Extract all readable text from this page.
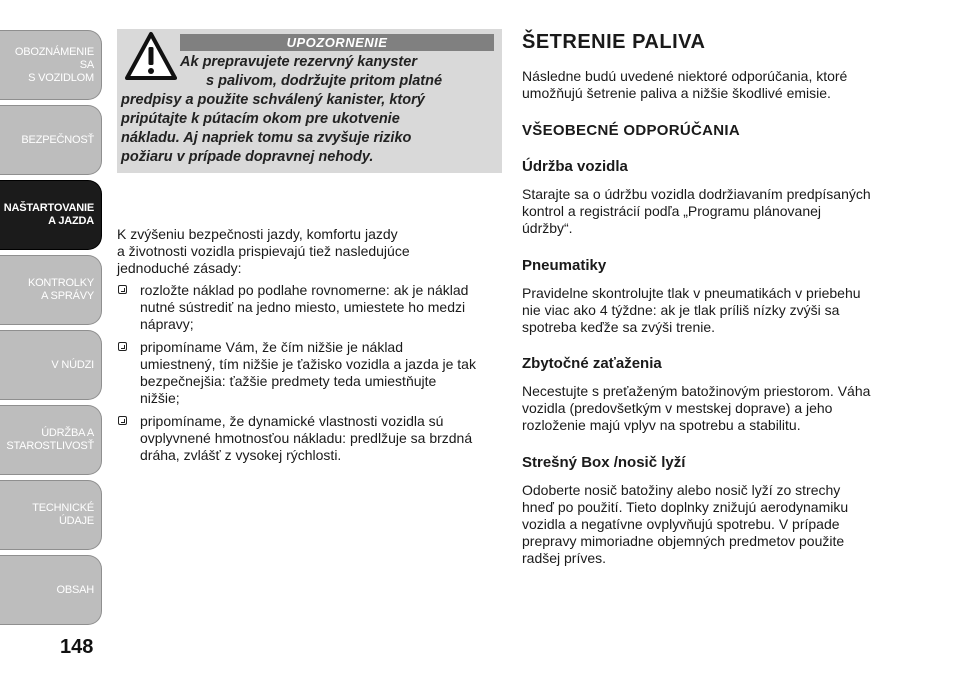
OBOZNÁMENIE SA
S VOZIDLOM
BEZPEČNOSŤ
NAŠTARTOVANIE
A JAZDA
KONTROLKY
A SPRÁVY
V NÚDZI
ÚDRŽBA A
STAROSTLIVOSŤ
TECHNICKÉ
ÚDAJE
OBSAH
148
UPOZORNENIE
Ak prepravujete rezervný kanyster
s palivom, dodržujte pritom platné
predpisy a použite schválený kanister, ktorý
pripútajte k pútacím okom pre ukotvenie
nákladu. Aj napriek tomu sa zvyšuje riziko
požiaru v prípade dopravnej nehody.

K zvýšeniu bezpečnosti jazdy, komfortu jazdy
a životnosti vozidla prispievajú tiež nasledujúce
jednoduché zásady:

rozložte náklad po podlahe rovnomerne: ak je náklad
nutné sústrediť na jedno miesto, umiestete ho medzi
nápravy;
pripomíname Vám, že čím nižšie je náklad
umiestnený, tím nižšie je ťažisko vozidla a jazda je tak
bezpečnejšia: ťažšie predmety teda umiestňujte
nižšie;
pripomíname, že dynamické vlastnosti vozidla sú
ovplyvnené hmotnosťou nákladu: predlžuje sa brzdná
dráha, zvlášť z vysokej rýchlosti.
ŠETRENIE PALIVA

Následne budú uvedené niektoré odporúčania, ktoré
umožňujú šetrenie paliva a nižšie škodlivé emisie.

VŠEOBECNÉ ODPORÚČANIA
Údržba vozidla

Starajte sa o údržbu vozidla dodržiavaním predpísaných
kontrol a registrácií podľa „Programu plánovanej
údržby“.

Pneumatiky

Pravidelne skontrolujte tlak v pneumatikách v priebehu
nie viac ako 4 týždne: ak je tlak príliš nízky zvýši sa
spotreba keďže sa zvýši trenie.

Zbytočné zaťaženia

Necestujte s preťaženým batožinovým priestorom. Váha
vozidla (predovšetkým v mestskej doprave) a jeho
rozloženie majú vplyv na spotrebu a stabilitu.

Strešný Box /nosič lyží

Odoberte nosič batožiny alebo nosič lyží zo strechy
hneď po použití. Tieto doplnky znižujú aerodynamiku
vozidla a negatívne ovplyvňujú spotrebu. V prípade
prepravy mimoriadne objemných predmetov použite
radšej príves.
